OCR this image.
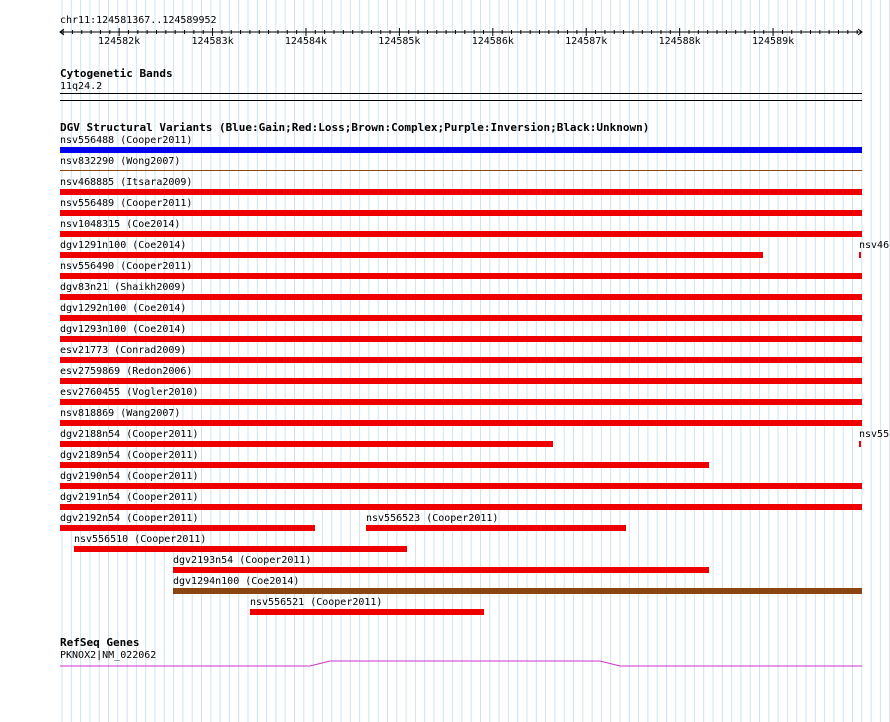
chr11:124581367..124589952
124582k	124583k	124584k	124585k	124586k	124587k	124588k	124589k
Cytogenetic Bands
11q24.2
DGV Structural Variants (Blue:Gain;Red:Loss;Brown:Complex;Purple:Inversion;Black:Unknown)
nsv556488 (Cooper2011)
nsv832290 (Wong2007)
nsv468885 (Itsara2009)
nsv556489 (Cooper2011)
nsv1048315 (Coe2014)
dgv1291n100 (Coe2014)	nsv46
nsv556490 (Cooper2011)
dgv83n21 (Shaikh2009)
dgv1292n100 (Coe2014)
dgv1293n100 (Coe2014)
esv21773 (Conrad2009)
esv2759869 (Redon2006)
esv2760455 (Vogler2010)
nsv818869 (Wang2007)
dgv2188n54 (Cooper2011)	nsv55
dgv2189n54 (Cooper2011)
dgv2190n54 (Cooper2011)
dgv2191n54 (Cooper2011)
dgv2192n54 (Cooper2011)	nsv556523 (Cooper2011)
nsv556510 (Cooper2011)
dgv2193n54 (Cooper2011)
dgv1294n100 (Coe2014)
nsv556521 (Cooper2011)
RefSeq Genes
PKNOX2|NM_022062
